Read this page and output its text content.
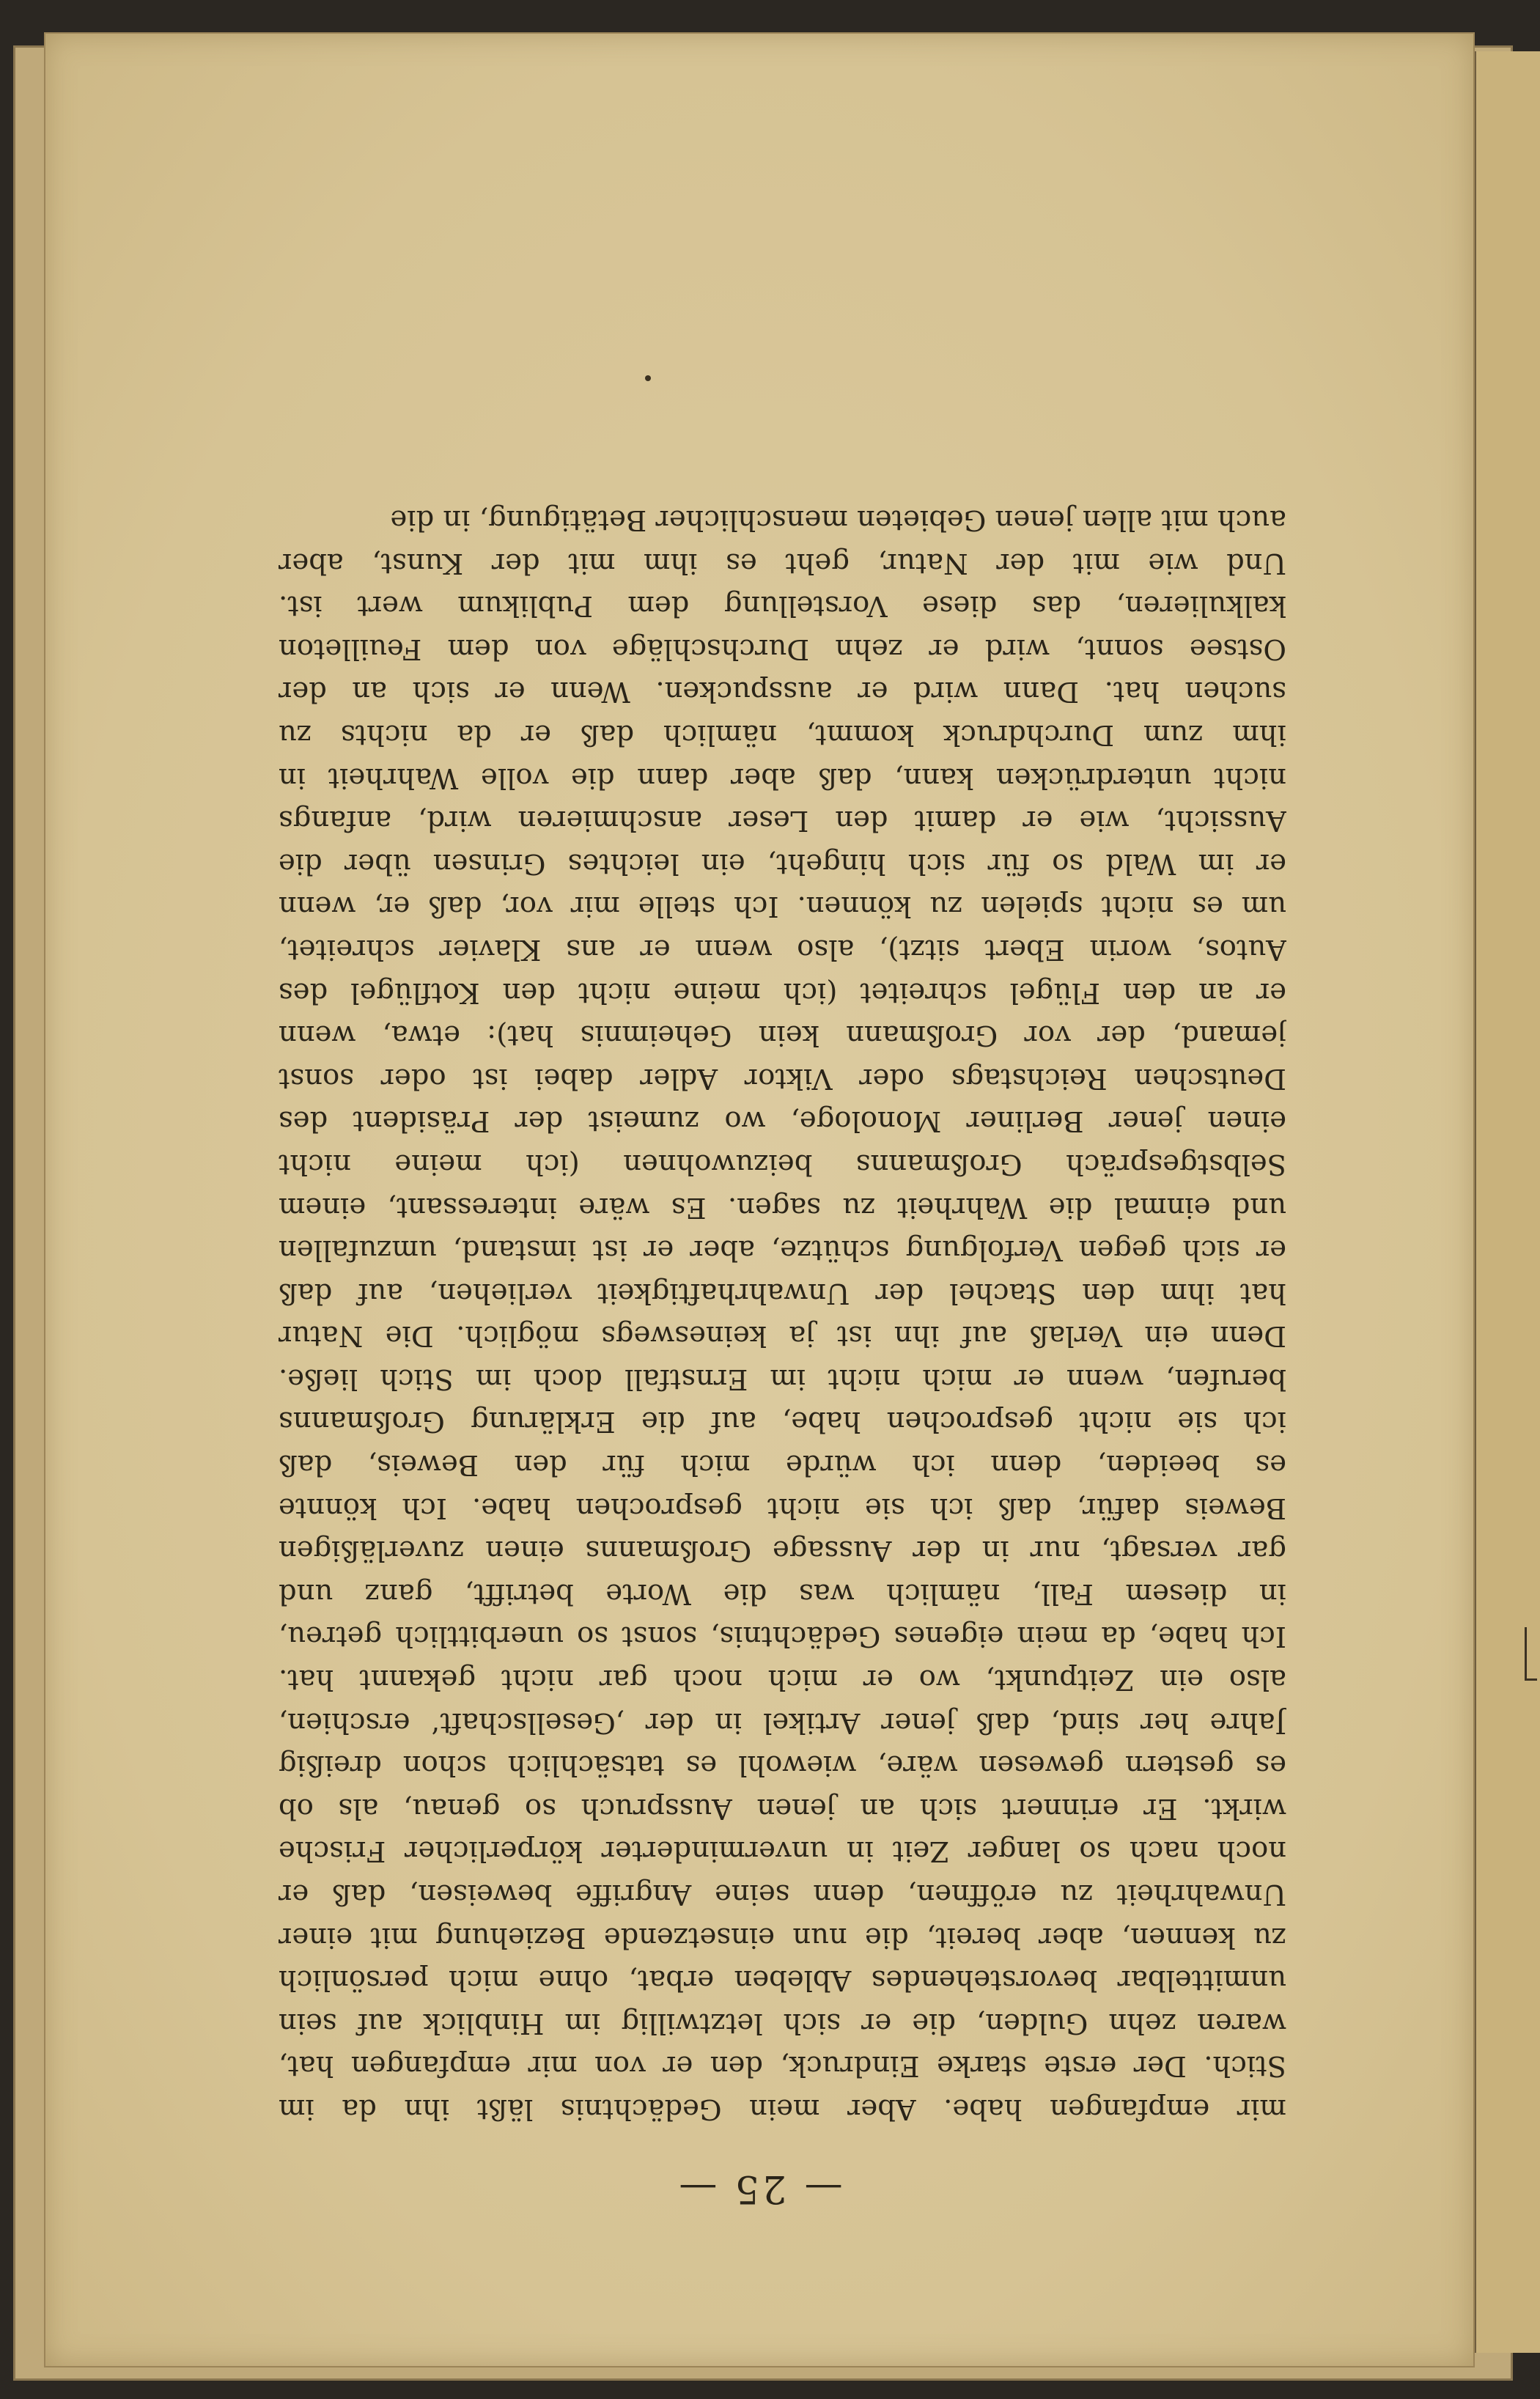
— 25 —
mir empfangen habe. Aber mein Gedächtnis läßt ihn da im
Stich. Der erste starke Eindruck, den er von mir empfangen hat,
waren zehn Gulden, die er sich letztwillig im Hinblick auf sein
unmittelbar bevorstehendes Ableben erbat, ohne mich persönlich
zu kennen, aber bereit, die nun einsetzende Beziehung mit einer
Unwahrheit zu eröffnen, denn seine Angriffe beweisen, daß er
noch nach so langer Zeit in unverminderter körperlicher Frische
wirkt. Er erinnert sich an jenen Ausspruch so genau, als ob
es gestern gewesen wäre, wiewohl es tatsächlich schon dreißig
Jahre her sind, daß jener Artikel in der ‚Gesellschaft‘ erschien,
also ein Zeitpunkt, wo er mich noch gar nicht gekannt hat.
Ich habe, da mein eigenes Gedächtnis, sonst so unerbittlich getreu,
in diesem Fall, nämlich was die Worte betrifft, ganz und
gar versagt, nur in der Aussage Großmanns einen zuverläßigen
Beweis dafür, daß ich sie nicht gesprochen habe. Ich könnte
es beeiden, denn ich würde mich für den Beweis, daß
ich sie nicht gesprochen habe, auf die Erklärung Großmanns
berufen, wenn er mich nicht im Ernstfall doch im Stich ließe.
Denn ein Verlaß auf ihn ist ja keineswegs möglich. Die Natur
hat ihm den Stachel der Unwahrhaftigkeit verliehen, auf daß
er sich gegen Verfolgung schütze, aber er ist imstand, umzufallen
und einmal die Wahrheit zu sagen. Es wäre interessant, einem
Selbstgespräch Großmanns beizuwohnen (ich meine nicht
einen jener Berliner Monologe, wo zumeist der Präsident des
Deutschen Reichstags oder Viktor Adler dabei ist oder sonst
jemand, der vor Großmann kein Geheimnis hat): etwa, wenn
er an den Flügel schreitet (ich meine nicht den Kotflügel des
Autos, worin Ebert sitzt), also wenn er ans Klavier schreitet,
um es nicht spielen zu können. Ich stelle mir vor, daß er, wenn
er im Wald so für sich hingeht, ein leichtes Grinsen über die
Aussicht, wie er damit den Leser anschmieren wird, anfangs
nicht unterdrücken kann, daß aber dann die volle Wahrheit in
ihm zum Durchdruck kommt, nämlich daß er da nichts zu
suchen hat. Dann wird er ausspucken. Wenn er sich an der
Ostsee sonnt, wird er zehn Durchschläge von dem Feuilleton
kalkulieren, das diese Vorstellung dem Publikum wert ist.
Und wie mit der Natur, geht es ihm mit der Kunst, aber
auch mit allen jenen Gebieten menschlicher Betätigung, in die
